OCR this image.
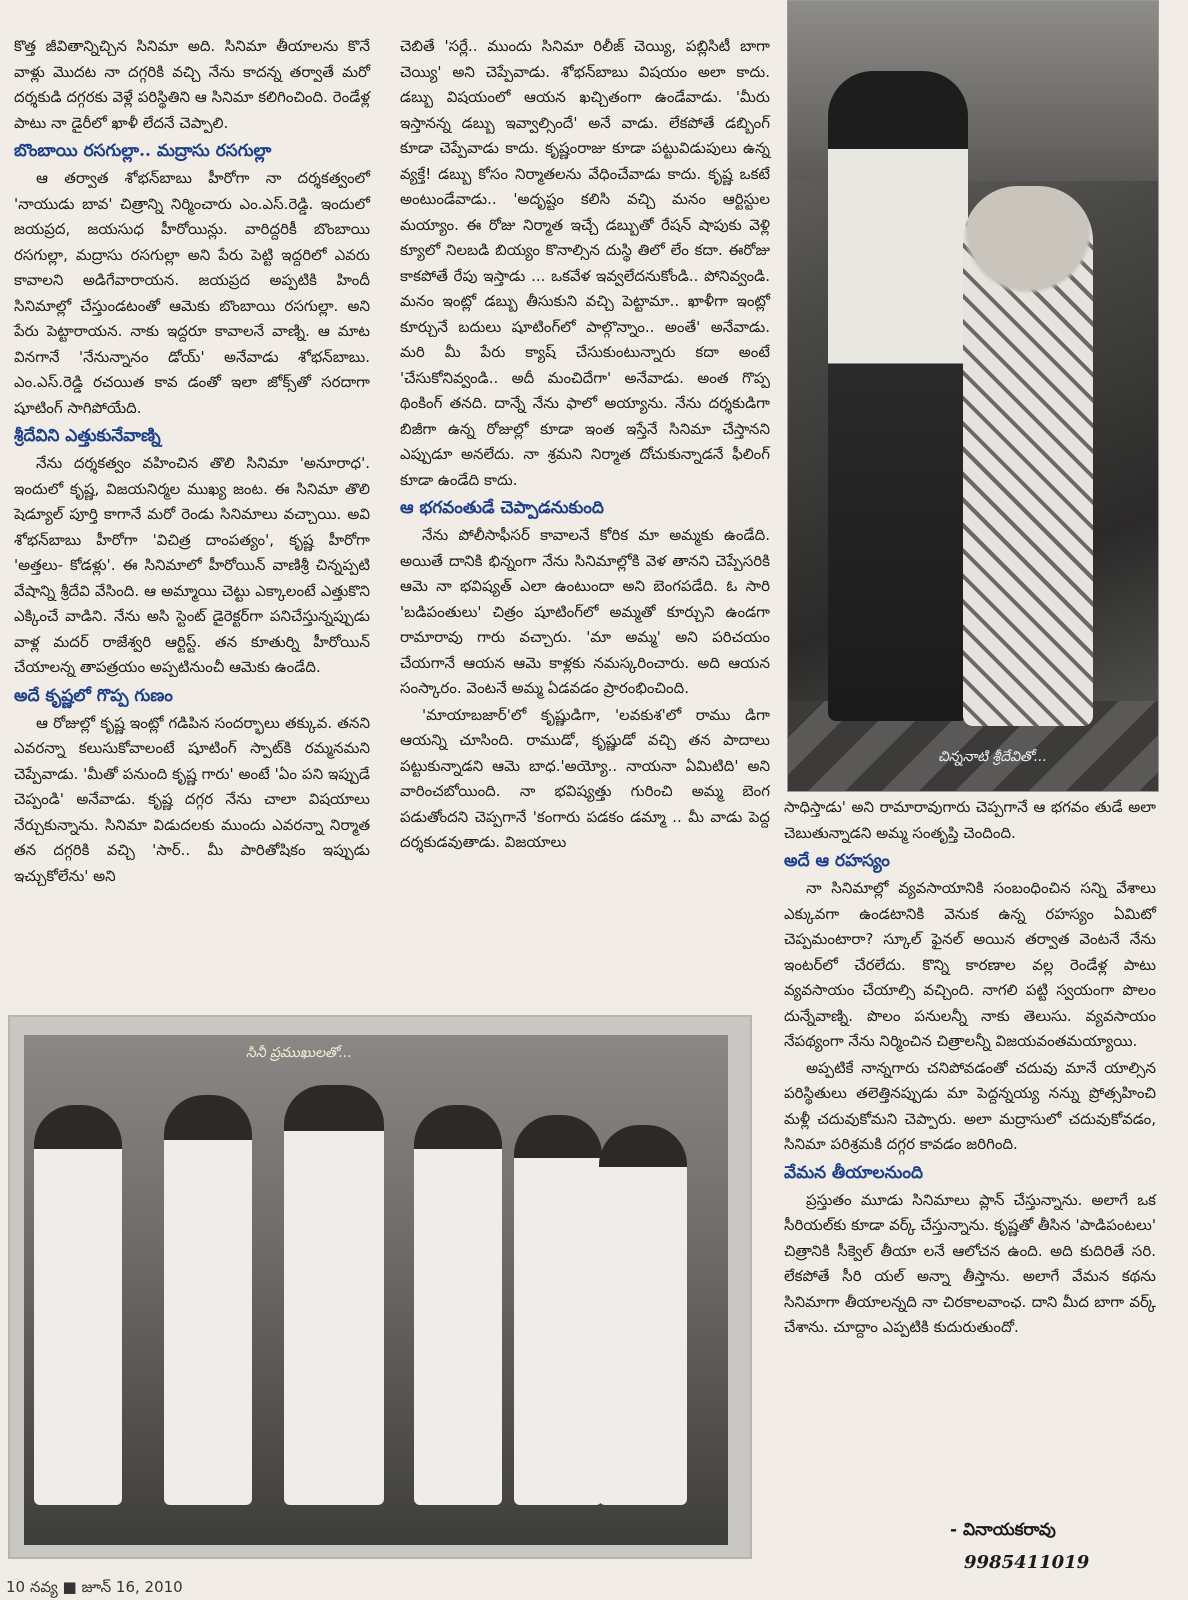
కొత్త జీవితాన్నిచ్చిన సినిమా అది. సినిమా తీయాలను కొనే వాళ్లు మొదట నా దగ్గరికి వచ్చి నేను కాదన్న తర్వాతే మరో దర్శకుడి దగ్గరకు వెళ్లే పరిస్థితిని ఆ సినిమా కలిగించింది. రెండేళ్ల పాటు నా డైరీలో ఖాళీ లేదనే చెప్పాలి.

బొంబాయి రసగుల్లా.. మద్రాసు రసగుల్లా

ఆ తర్వాత శోభన్‌బాబు హీరోగా నా దర్శకత్వంలో 'నాయుడు బావ' చిత్రాన్ని నిర్మించారు ఎం.ఎస్.రెడ్డి. ఇందులో జయప్రద, జయసుధ హీరోయిన్లు. వారిద్దరికీ బొంబాయి రసగుల్లా, మద్రాసు రసగుల్లా అని పేరు పెట్టి ఇద్దరిలో ఎవరు కావాలని అడిగేవారాయన. జయప్రద అప్పటికి హిందీ సినిమాల్లో చేస్తుండటంతో ఆమెకు బొంబాయి రసగుల్లా. అని పేరు పెట్టారాయన. నాకు ఇద్దరూ కావాలనే వాణ్ని. ఆ మాట వినగానే 'నేనున్నానం డోయ్' అనేవాడు శోభన్‌బాబు. ఎం.ఎస్.రెడ్డి రచయిత కావ డంతో ఇలా జోక్స్‌తో సరదాగా షూటింగ్ సాగిపోయేది.

శ్రీదేవిని ఎత్తుకునేవాణ్ని

నేను దర్శకత్వం వహించిన తొలి సినిమా 'అనూరాధ'. ఇందులో కృష్ణ, విజయనిర్మల ముఖ్య జంట. ఈ సినిమా తొలి షెడ్యూల్ పూర్తి కాగానే మరో రెండు సినిమాలు వచ్చాయి. అవి శోభన్‌బాబు హీరోగా 'విచిత్ర దాంపత్యం', కృష్ణ హీరోగా 'అత్తలు- కోడళ్లు'. ఈ సినిమాలో హీరోయిన్ వాణిశ్రీ చిన్నప్పటి వేషాన్ని శ్రీదేవి వేసింది. ఆ అమ్మాయి చెట్టు ఎక్కాలంటే ఎత్తుకొని ఎక్కించే వాడిని. నేను అసి స్టెంట్ డైరెక్టర్‌గా పనిచేస్తున్నప్పుడు వాళ్ల మదర్ రాజేశ్వరి ఆర్టిస్ట్. తన కూతుర్ని హీరోయిన్ చేయాలన్న తాపత్రయం అప్పటినుంచీ ఆమెకు ఉండేది.

అదే కృష్ణలో గొప్ప గుణం

ఆ రోజుల్లో కృష్ణ ఇంట్లో గడిపిన సందర్భాలు తక్కువ. తనని ఎవరన్నా కలుసుకోవాలంటే షూటింగ్ స్పాట్‌కి రమ్మనమని చెప్పేవాడు. 'మీతో పనుంది కృష్ణ గారు' అంటే 'ఏం పని ఇప్పుడే చెప్పండి' అనేవాడు. కృష్ణ దగ్గర నేను చాలా విషయాలు నేర్చుకున్నాను. సినిమా విడుదలకు ముందు ఎవరన్నా నిర్మాత తన దగ్గరికి వచ్చి 'సార్.. మీ పారితోషికం ఇప్పుడు ఇచ్చుకోలేను' అని

చెబితే 'సర్లే.. ముందు సినిమా రిలీజ్ చెయ్యి, పబ్లిసిటీ బాగా చెయ్యి' అని చెప్పేవాడు. శోభన్‌బాబు విషయం అలా కాదు. డబ్బు విషయంలో ఆయన ఖచ్చితంగా ఉండేవాడు. 'మీరు ఇస్తానన్న డబ్బు ఇవ్వాల్సిందే' అనే వాడు. లేకపోతే డబ్బింగ్ కూడా చెప్పేవాడు కాదు. కృష్ణంరాజు కూడా పట్టువిడుపులు ఉన్న వ్యక్తే! డబ్బు కోసం నిర్మాతలను వేధించేవాడు కాదు. కృష్ణ ఒకటే అంటుండేవాడు.. 'అదృష్టం కలిసి వచ్చి మనం ఆర్టిస్టుల మయ్యాం. ఈ రోజు నిర్మాత ఇచ్చే డబ్బుతో రేషన్ షాపుకు వెళ్లి క్యూలో నిలబడి బియ్యం కొనాల్సిన దుస్థి తిలో లేం కదా. ఈరోజు కాకపోతే రేపు ఇస్తాడు ... ఒకవేళ ఇవ్వలేదనుకోండి.. పోనివ్వండి. మనం ఇంట్లో డబ్బు తీసుకుని వచ్చి పెట్టామా.. ఖాళీగా ఇంట్లో కూర్చునే బదులు షూటింగ్‌లో పాల్గొన్నాం.. అంతే' అనేవాడు. మరి మీ పేరు క్యాష్ చేసుకుంటున్నారు కదా అంటే 'చేసుకోనివ్వండి.. అదీ మంచిదేగా' అనేవాడు. అంత గొప్ప థింకింగ్ తనది. దాన్నే నేను ఫాలో అయ్యాను. నేను దర్శకుడిగా బిజీగా ఉన్న రోజుల్లో కూడా ఇంత ఇస్తేనే సినిమా చేస్తానని ఎప్పుడూ అనలేదు. నా శ్రమని నిర్మాత దోచుకున్నాడనే ఫీలింగ్ కూడా ఉండేది కాదు.

ఆ భగవంతుడే చెప్పాడనుకుంది

నేను పోలీసాఫీసర్ కావాలనే కోరిక మా అమ్మకు ఉండేది. అయితే దానికి భిన్నంగా నేను సినిమాల్లోకి వెళ తానని చెప్పేసరికి ఆమె నా భవిష్యత్ ఎలా ఉంటుందా అని బెంగపడేది. ఓ సారి 'బడిపంతులు' చిత్రం షూటింగ్‌లో అమ్మతో కూర్చుని ఉండగా రామారావు గారు వచ్చారు. 'మా అమ్మ' అని పరిచయం చేయగానే ఆయన ఆమె కాళ్లకు నమస్కరించారు. అది ఆయన సంస్కారం. వెంటనే అమ్మ ఏడవడం ప్రారంభించింది.

'మాయాబజార్'లో కృష్ణుడిగా, 'లవకుశ'లో రాము డిగా ఆయన్ని చూసింది. రాముడో, కృష్ణుడో వచ్చి తన పాదాలు పట్టుకున్నాడని ఆమె బాధ.'అయ్యో.. నాయనా ఏమిటిది' అని వారించబోయింది. నా భవిష్యత్తు గురించి అమ్మ బెంగ పడుతోందని చెప్పగానే 'కంగారు పడకం డమ్మా .. మీ వాడు పెద్ద దర్శకుడవుతాడు. విజయాలు

చిన్ననాటి శ్రీదేవితో...

సాధిస్తాడు' అని రామారావుగారు చెప్పగానే ఆ భగవం తుడే అలా చెబుతున్నాడని అమ్మ సంతృప్తి చెందింది.

అదే ఆ రహస్యం

నా సినిమాల్లో వ్యవసాయానికి సంబంధించిన సన్ని వేశాలు ఎక్కువగా ఉండటానికి వెనుక ఉన్న రహస్యం ఏమిటో చెప్పమంటారా? స్కూల్ ఫైనల్ అయిన తర్వాత వెంటనే నేను ఇంటర్‌లో చేరలేదు. కొన్ని కారణాల వల్ల రెండేళ్ల పాటు వ్యవసాయం చేయాల్సి వచ్చింది. నాగలి పట్టి స్వయంగా పొలం దున్నేవాణ్ని. పొలం పనులన్నీ నాకు తెలుసు. వ్యవసాయం నేపథ్యంగా నేను నిర్మించిన చిత్రాలన్నీ విజయవంతమయ్యాయి.

అప్పటికే నాన్నగారు చనిపోవడంతో చదువు మానే యాల్సిన పరిస్థితులు తలెత్తినప్పుడు మా పెద్దన్నయ్య నన్ను ప్రోత్సహించి మళ్లీ చదువుకోమని చెప్పారు. అలా మద్రాసులో చదువుకోవడం, సినిమా పరిశ్రమకి దగ్గర కావడం జరిగింది.

వేమన తీయాలనుంది

ప్రస్తుతం మూడు సినిమాలు ప్లాన్ చేస్తున్నాను. అలాగే ఒక సీరియల్‌కు కూడా వర్క్ చేస్తున్నాను. కృష్ణతో తీసిన 'పాడిపంటలు' చిత్రానికి సీక్వెల్ తీయా లనే ఆలోచన ఉంది. అది కుదిరితే సరి. లేకపోతే సీరి యల్ అన్నా తీస్తాను. అలాగే వేమన కథను సినిమాగా తీయాలన్నది నా చిరకాలవాంఛ. దాని మీద బాగా వర్క్ చేశాను. చూద్దాం ఎప్పటికి కుదురుతుందో.

సినీ ప్రముఖులతో...
- వినాయకరావు
9985411019
10 నవ్య ■ జూన్ 16, 2010
